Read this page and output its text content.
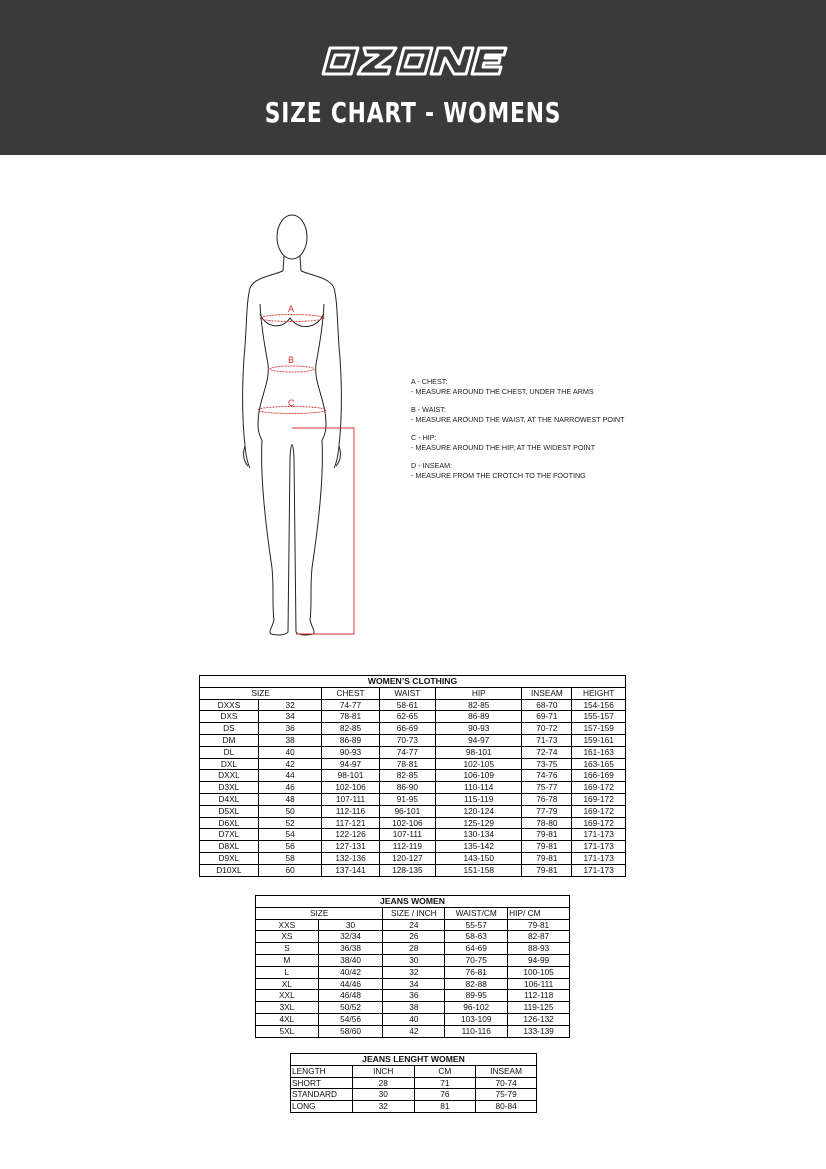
SIZE CHART - WOMENS
A
B
C
A - CHEST:
- MEASURE AROUND THE CHEST, UNDER THE ARMS
B - WAIST:
- MEASURE AROUND THE WAIST, AT THE NARROWEST POINT
C - HIP:
- MEASURE AROUND THE HIP, AT THE WIDEST POINT
D - INSEAM:
- MEASURE FROM THE CROTCH TO THE FOOTING
WOMEN’S CLOTHING						
SIZE		CHEST	WAIST	HIP	INSEAM	HEIGHT
DXXS	32	74-77	58-61	82-85	68-70	154-156
DXS	34	78-81	62-65	86-89	69-71	155-157
DS	36	82-85	66-69	90-93	70-72	157-159
DM	38	86-89	70-73	94-97	71-73	159-161
DL	40	90-93	74-77	98-101	72-74	161-163
DXL	42	94-97	78-81	102-105	73-75	163-165
DXXL	44	98-101	82-85	106-109	74-76	166-169
D3XL	46	102-106	86-90	110-114	75-77	169-172
D4XL	48	107-111	91-95	115-119	76-78	169-172
D5XL	50	112-116	96-101	120-124	77-79	169-172
D6XL	52	117-121	102-106	125-129	78-80	169-172
D7XL	54	122-126	107-111	130-134	79-81	171-173
D8XL	56	127-131	112-119	135-142	79-81	171-173
D9XL	58	132-136	120-127	143-150	79-81	171-173
D10XL	60	137-141	128-135	151-158	79-81	171-173
JEANS WOMEN				
SIZE		SIZE / INCH	WAIST/CM	HIP/ CM
XXS	30	24	55-57	79-81
XS	32/34	26	58-63	82-87
S	36/38	28	64-69	88-93
M	38/40	30	70-75	94-99
L	40/42	32	76-81	100-105
XL	44/46	34	82-88	106-111
XXL	46/48	36	89-95	112-118
3XL	50/52	38	96-102	119-125
4XL	54/56	40	103-109	126-132
5XL	58/60	42	110-116	133-139
JEANS LENGHT WOMEN			
LENGTH	INCH	CM	INSEAM
SHORT	28	71	70-74
STANDARD	30	76	75-79
LONG	32	81	80-84
